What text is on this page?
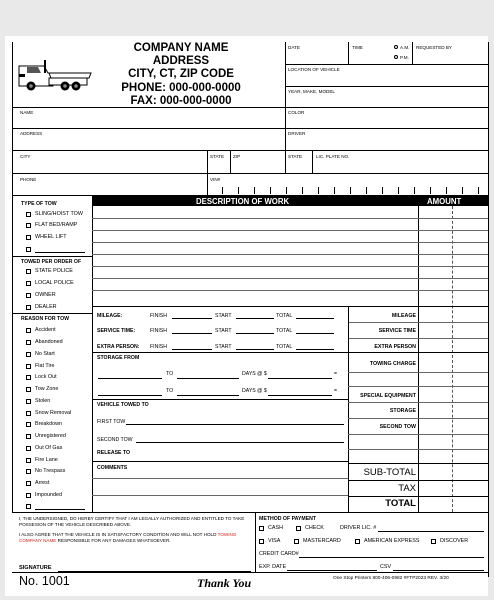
COMPANY NAME
ADDRESS
CITY, CT, ZIP CODE
PHONE: 000-000-0000
FAX: 000-000-0000
DATE	TIME	A.M.
P.M.
REQUESTED BY
LOCATION OF VEHICLE
YEAR, MAKE, MODEL
COLOR
DRIVER
STATE	LIC. PLATE NO.
NAME
ADDRESS
CITY	STATE ZIP
PHONE	VIN#
TYPE OF TOW
SLING/HOIST TOW
FLAT BED/RAMP
WHEEL LIFT
TOWED PER ORDER OF
STATE POLICE
LOCAL POLICE
OWNER
DEALER
REASON FOR TOW
Accident
Abandoned
No Start
Flat Tire
Lock Out
Tow Zone
Stolen
Snow Removal
Breakdown
Unregistered
Out Of Gas
Fire Lane
No Trespass
Arrest
Impounded
DESCRIPTION OF WORK	AMOUNT
MILEAGE:	FINISH	START	TOTAL	MILEAGE
SERVICE TIME:	FINISH	START	TOTAL	SERVICE TIME
EXTRA PERSON: FINISH	START	TOTAL	EXTRA PERSON
STORAGE FROM
TO	DAYS @ $	=
TO	DAYS @ $	=
TOWING CHARGE
SPECIAL EQUIPMENT
STORAGE
SECOND TOW
VEHICLE TOWED TO
FIRST TOW
SECOND TOW
RELEASE TO
COMMENTS	SUB-TOTAL
TAX
TOTAL
I, THE UNDERSIGNED, DO HERBY CERTIFY THAT I AM LEGALLY AUTHORIZED AND ENTITLED TO TAKE POSSESION OF THE VEHICLE DESCRIBED ABOVE.
I ALSO AGREE THAT THE VEHICLE IS IN SATISFACTORY CONDITION AND WILL NOT HOLD TOWING COMPANY NAME RESPONSIBLE FOR ANY DAMAGES WHATSOEVER.
SIGNATURE
METHOD OF PAYMENT
CASH	CHECK	DRIVER LIC. #
VISA	MASTERCARD	AMERICAN EXPRESS	DISCOVER
CREDIT CARD#
EXP. DATE	CSV
No. 1001	Thank You	One Stop Printers 800-406-0982 #FTP2023 REV. 3/20
